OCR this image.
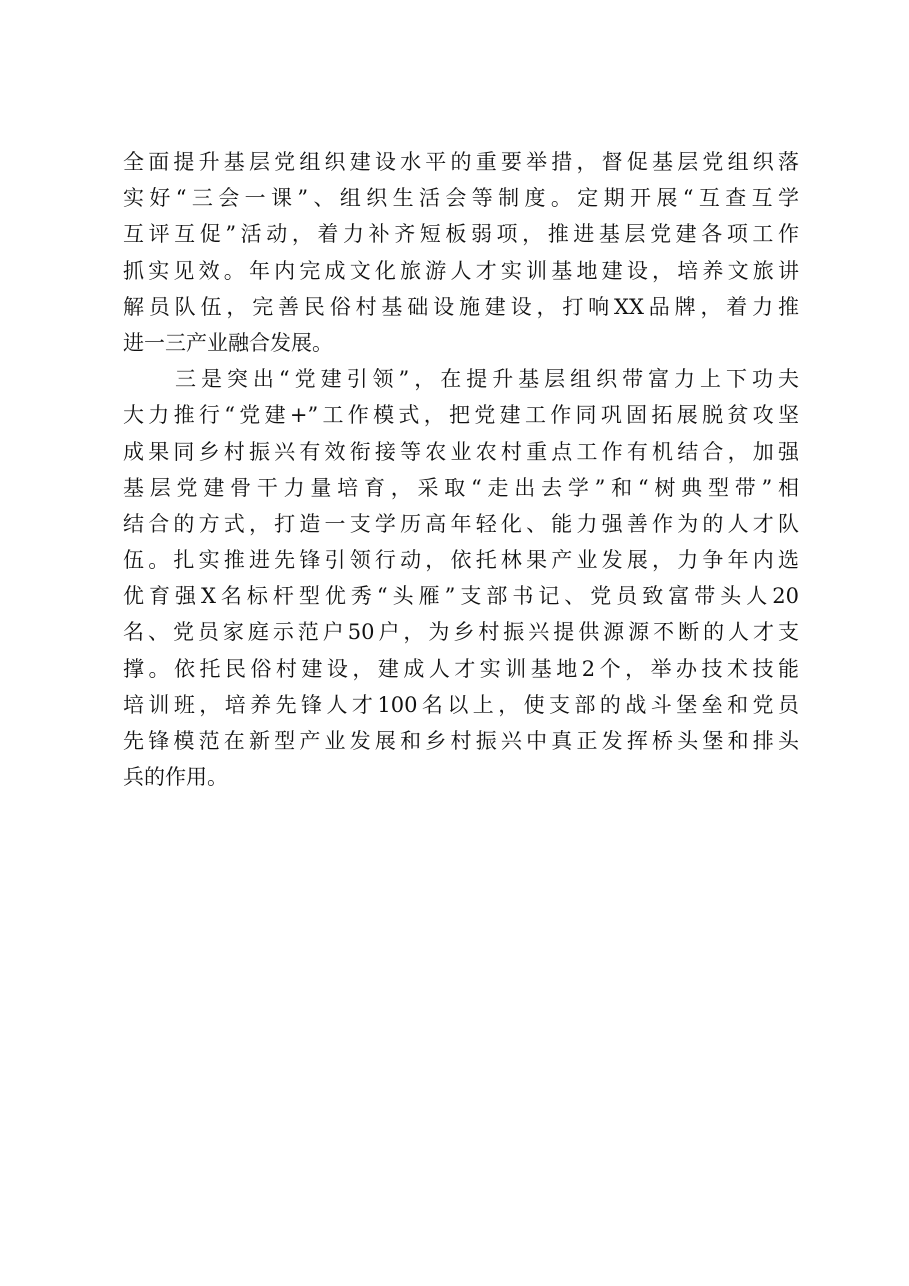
全面提升基层党组织建设水平的重要举措，督促基层党组织落
实好“三会一课”、组织生活会等制度。定期开展“互查互学
互评互促”活动，着力补齐短板弱项，推进基层党建各项工作
抓实见效。年内完成文化旅游人才实训基地建设，培养文旅讲
解员队伍，完善民俗村基础设施建设，打响XX品牌，着力推
进一三产业融合发展。
　　三是突出“党建引领”，在提升基层组织带富力上下功夫
大力推行“党建+”工作模式，把党建工作同巩固拓展脱贫攻坚
成果同乡村振兴有效衔接等农业农村重点工作有机结合，加强
基层党建骨干力量培育，采取“走出去学”和“树典型带”相
结合的方式，打造一支学历高年轻化、能力强善作为的人才队
伍。扎实推进先锋引领行动，依托林果产业发展，力争年内选
优育强X名标杆型优秀“头雁”支部书记、党员致富带头人20
名、党员家庭示范户50户，为乡村振兴提供源源不断的人才支
撑。依托民俗村建设，建成人才实训基地2个，举办技术技能
培训班，培养先锋人才100名以上，使支部的战斗堡垒和党员
先锋模范在新型产业发展和乡村振兴中真正发挥桥头堡和排头
兵的作用。
